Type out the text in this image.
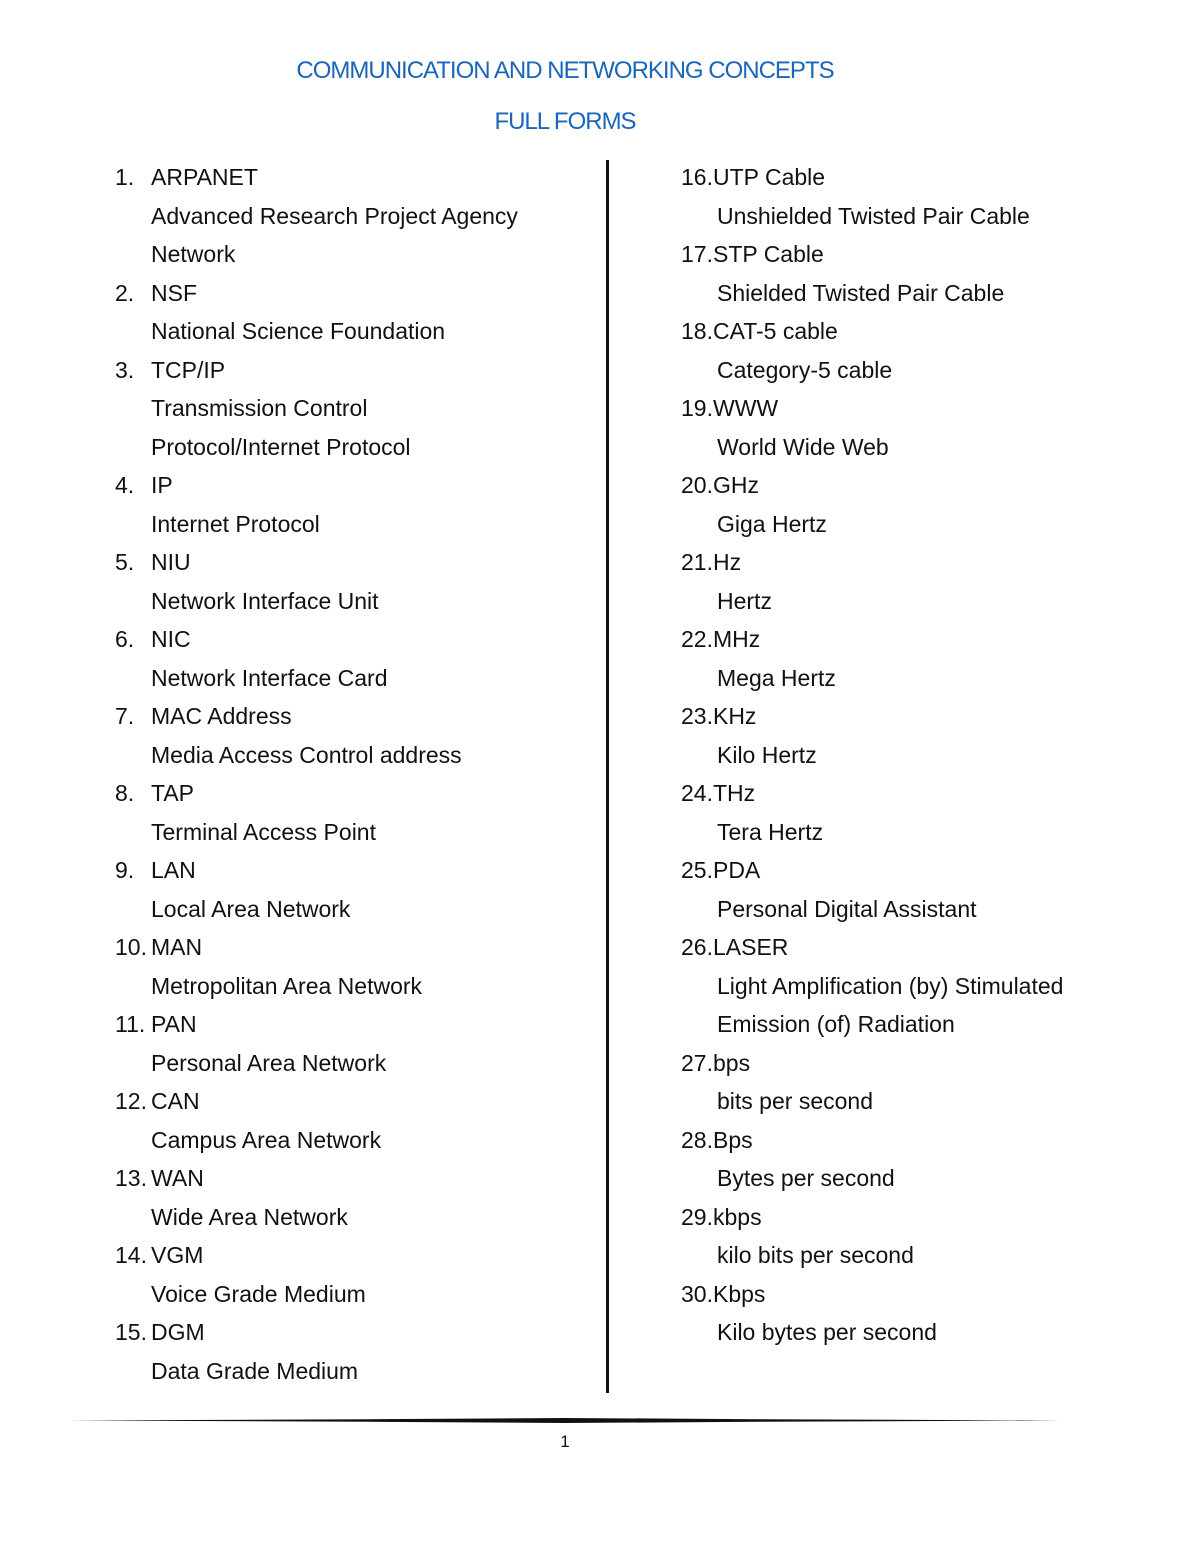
COMMUNICATION AND NETWORKING CONCEPTS
FULL FORMS
1. ARPANET
Advanced Research Project Agency
Network
2. NSF
National Science Foundation
3. TCP/IP
Transmission Control
Protocol/Internet Protocol
4. IP
Internet Protocol
5. NIU
Network Interface Unit
6. NIC
Network Interface Card
7. MAC Address
Media Access Control address
8. TAP
Terminal Access Point
9. LAN
Local Area Network
10. MAN
Metropolitan Area Network
11. PAN
Personal Area Network
12. CAN
Campus Area Network
13. WAN
Wide Area Network
14. VGM
Voice Grade Medium
15. DGM
Data Grade Medium
16.UTP Cable
Unshielded Twisted Pair Cable
17.STP Cable
Shielded Twisted Pair Cable
18.CAT-5 cable
Category-5 cable
19.WWW
World Wide Web
20.GHz
Giga Hertz
21.Hz
Hertz
22.MHz
Mega Hertz
23.KHz
Kilo Hertz
24.THz
Tera Hertz
25.PDA
Personal Digital Assistant
26.LASER
Light Amplification (by) Stimulated
Emission (of) Radiation
27.bps
bits per second
28.Bps
Bytes per second
29.kbps
kilo bits per second
30.Kbps
Kilo bytes per second
1
